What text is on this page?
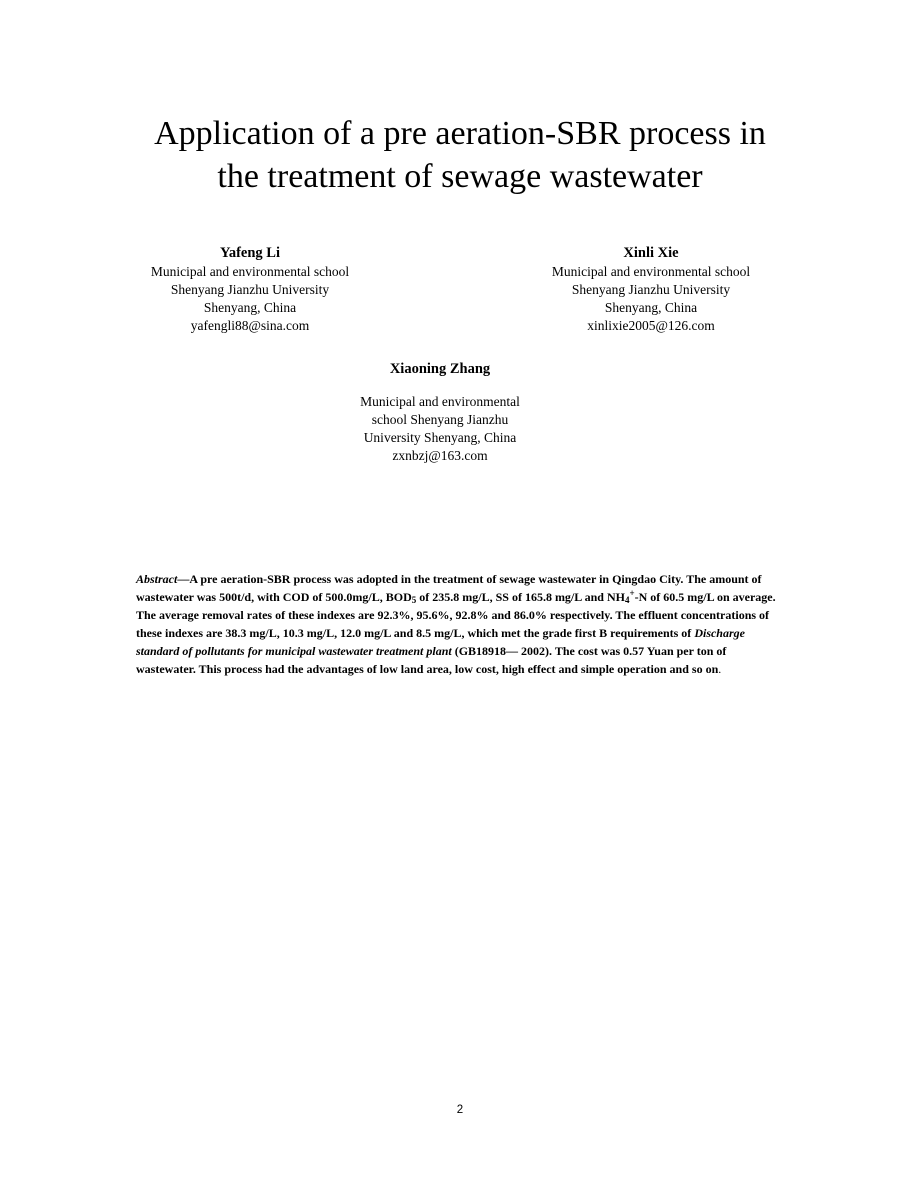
Application of a pre aeration-SBR process in
the treatment of sewage wastewater
Yafeng Li
Municipal and environmental school
Shenyang Jianzhu University
Shenyang, China
yafengli88@sina.com
Xinli Xie
Municipal and environmental school
Shenyang Jianzhu University
Shenyang, China
xinlixie2005@126.com
Xiaoning Zhang
Municipal and environmental
school Shenyang Jianzhu
University Shenyang, China
zxnbzj@163.com

Abstract—A pre aeration-SBR process was adopted in the treatment of sewage wastewater in Qingdao City. The amount of wastewater was 500t/d, with COD of 500.0mg/L, $BOD_5$ of 235.8 mg/L, SS of 165.8 mg/L and $NH_4^+-N$ of 60.5 mg/L on average. The average removal rates of these indexes are 92.3%, 95.6%, 92.8% and 86.0% respectively. The effluent concentrations of these indexes are 38.3 mg/L, 10.3 mg/L, 12.0 mg/L and 8.5 mg/L, which met the grade first B requirements of Discharge standard of pollutants for municipal wastewater treatment plant (GB18918— 2002). The cost was 0.57 Yuan per ton of wastewater. This process had the advantages of low land area, low cost, high effect and simple operation and so on.

2
